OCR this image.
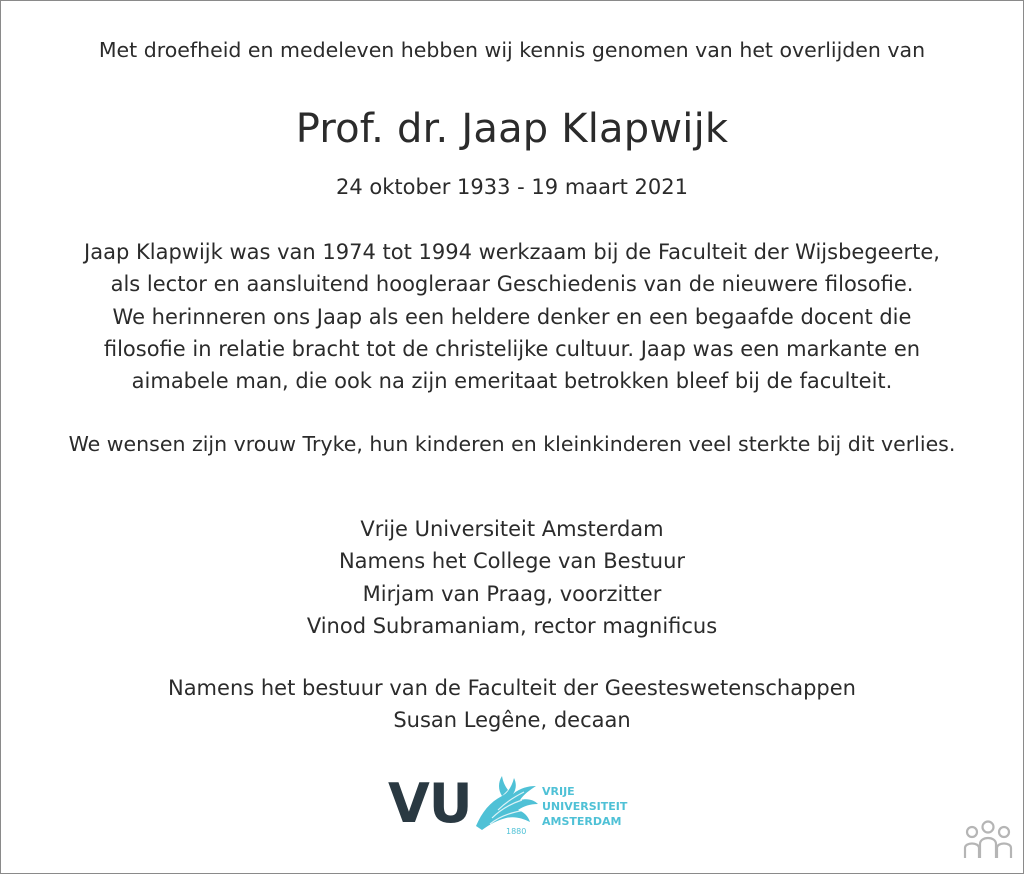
Met droefheid en medeleven hebben wij kennis genomen van het overlijden van
Prof. dr. Jaap Klapwijk
24 oktober 1933 - 19 maart 2021
Jaap Klapwijk was van 1974 tot 1994 werkzaam bij de Faculteit der Wijsbegeerte,
als lector en aansluitend hoogleraar Geschiedenis van de nieuwere filosofie.
We herinneren ons Jaap als een heldere denker en een begaafde docent die
filosofie in relatie bracht tot de christelijke cultuur. Jaap was een markante en
aimabele man, die ook na zijn emeritaat betrokken bleef bij de faculteit.
We wensen zijn vrouw Tryke, hun kinderen en kleinkinderen veel sterkte bij dit verlies.
Vrije Universiteit Amsterdam
Namens het College van Bestuur
Mirjam van Praag, voorzitter
Vinod Subramaniam, rector magnificus
Namens het bestuur van de Faculteit der Geesteswetenschappen
Susan Legêne, decaan
VU	1880
VRIJE
UNIVERSITEIT
AMSTERDAM
